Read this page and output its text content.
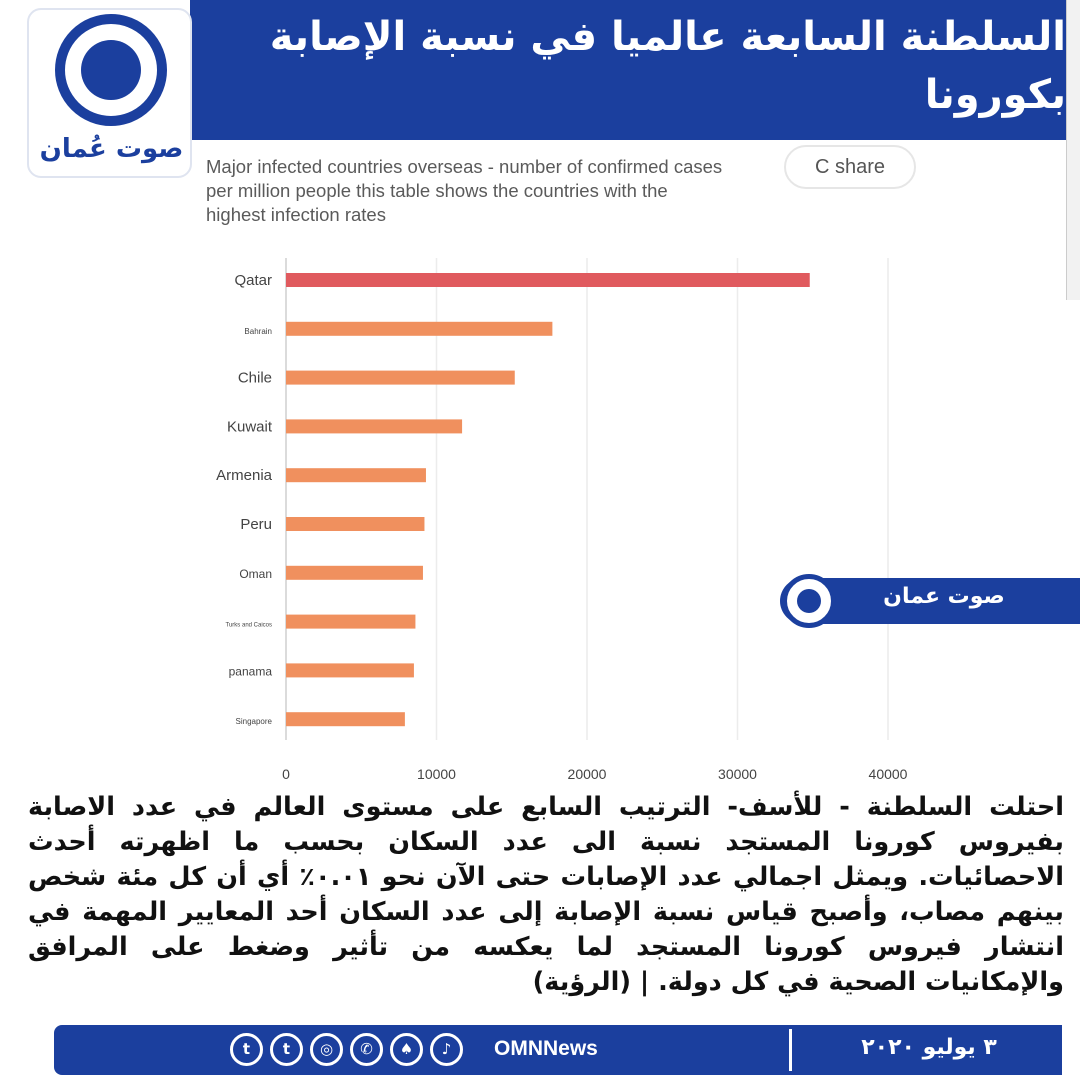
السلطنة السابعة عالميا في نسبة الإصابة بكورونا
صوت عُمان
Major infected countries overseas - number of confirmed cases per million people this table shows the countries with the highest infection rates
C share
0	10000	20000	30000	40000
Qatar
Bahrain
Chile
Kuwait
Armenia
Peru
Oman
Turks and Caicos
panama
Singapore
صوت عمان
احتلت السلطنة - للأسف- الترتيب السابع على مستوى العالم في عدد الاصابة بفيروس كورونا المستجد نسبة الى عدد السكان بحسب ما اظهرته أحدث الاحصائيات. ويمثل اجمالي عدد الإصابات حتى الآن نحو ٠.٠١٪ أي أن كل مئة شخص بينهم مصاب، وأصبح قياس نسبة الإصابة إلى عدد السكان أحد المعايير المهمة في انتشار فيروس كورونا المستجد لما يعكسه من تأثير وضغط على المرافق والإمكانيات الصحية في كل دولة. | (الرؤية)
t	t	◎	✆	♠	♪	OMNNews	٣ يوليو ٢٠٢٠
